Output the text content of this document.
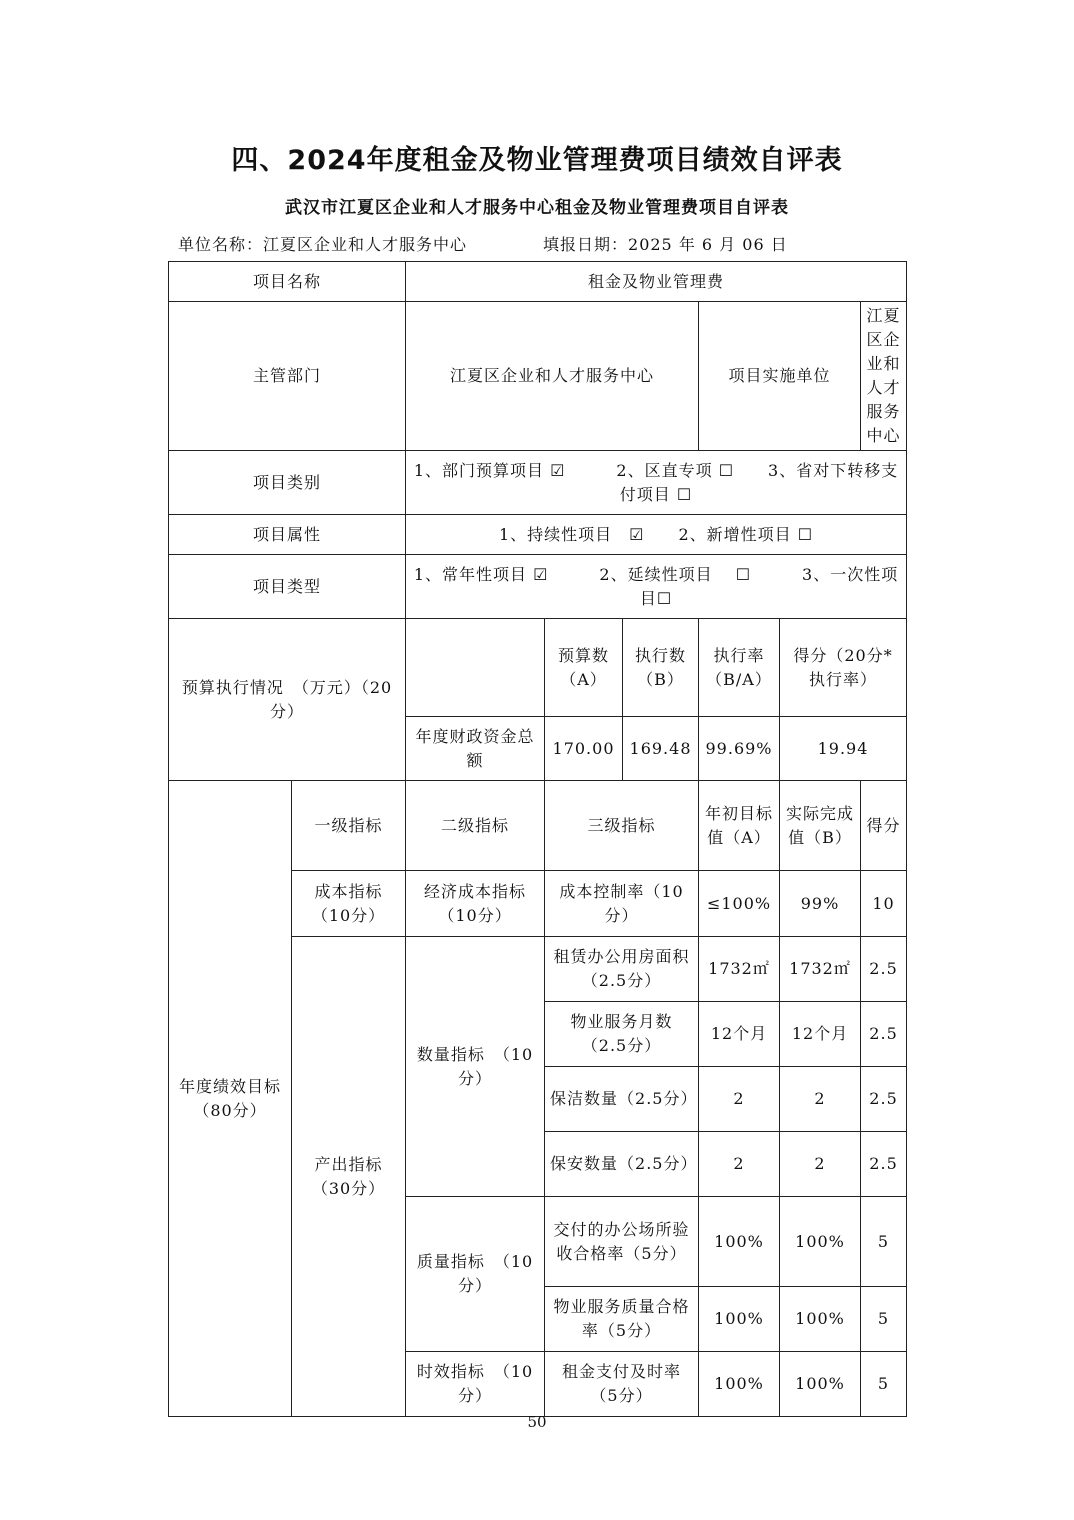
四、2024年度租金及物业管理费项目绩效自评表
武汉市江夏区企业和人才服务中心租金及物业管理费项目自评表
单位名称：江夏区企业和人才服务中心	填报日期：2025 年 6 月 06 日
项目名称		租金及物业管理费					
主管部门		江夏区企业和人才服务中心			项目实施单位		江夏区企业和人才服务中心
项目类别		1、部门预算项目 ☑　　　2、区直专项 ☐　　3、省对下转移支付项目 ☐					
项目属性		1、持续性项目　☑　　2、新增性项目 ☐					
项目类型		1、常年性项目 ☑　　　2、延续性项目　 ☐　　　3、一次性项目☐					
预算执行情况　（万元）（20分）			预算数（A）	执行数（B）	执行率（B/A）	得分（20分*执行率）	
		年度财政资金总额	170.00	169.48	99.69%	19.94	
年度绩效目标　（80分）	一级指标	二级指标	三级指标		年初目标值（A）	实际完成值（B）	得分
	成本指标（10分）	经济成本指标（10分）	成本控制率（10分）		≤100%	99%	10
	产出指标（30分）	数量指标　（10分）	租赁办公用房面积（2.5分）		1732㎡	1732㎡	2.5
			物业服务月数（2.5分）		12个月	12个月	2.5
			保洁数量（2.5分）		2	2	2.5
			保安数量（2.5分）		2	2	2.5
		质量指标　（10分）	交付的办公场所验收合格率（5分）		100%	100%	5
			物业服务质量合格率（5分）		100%	100%	5
		时效指标　（10分）	租金支付及时率（5分）		100%	100%	5
50
